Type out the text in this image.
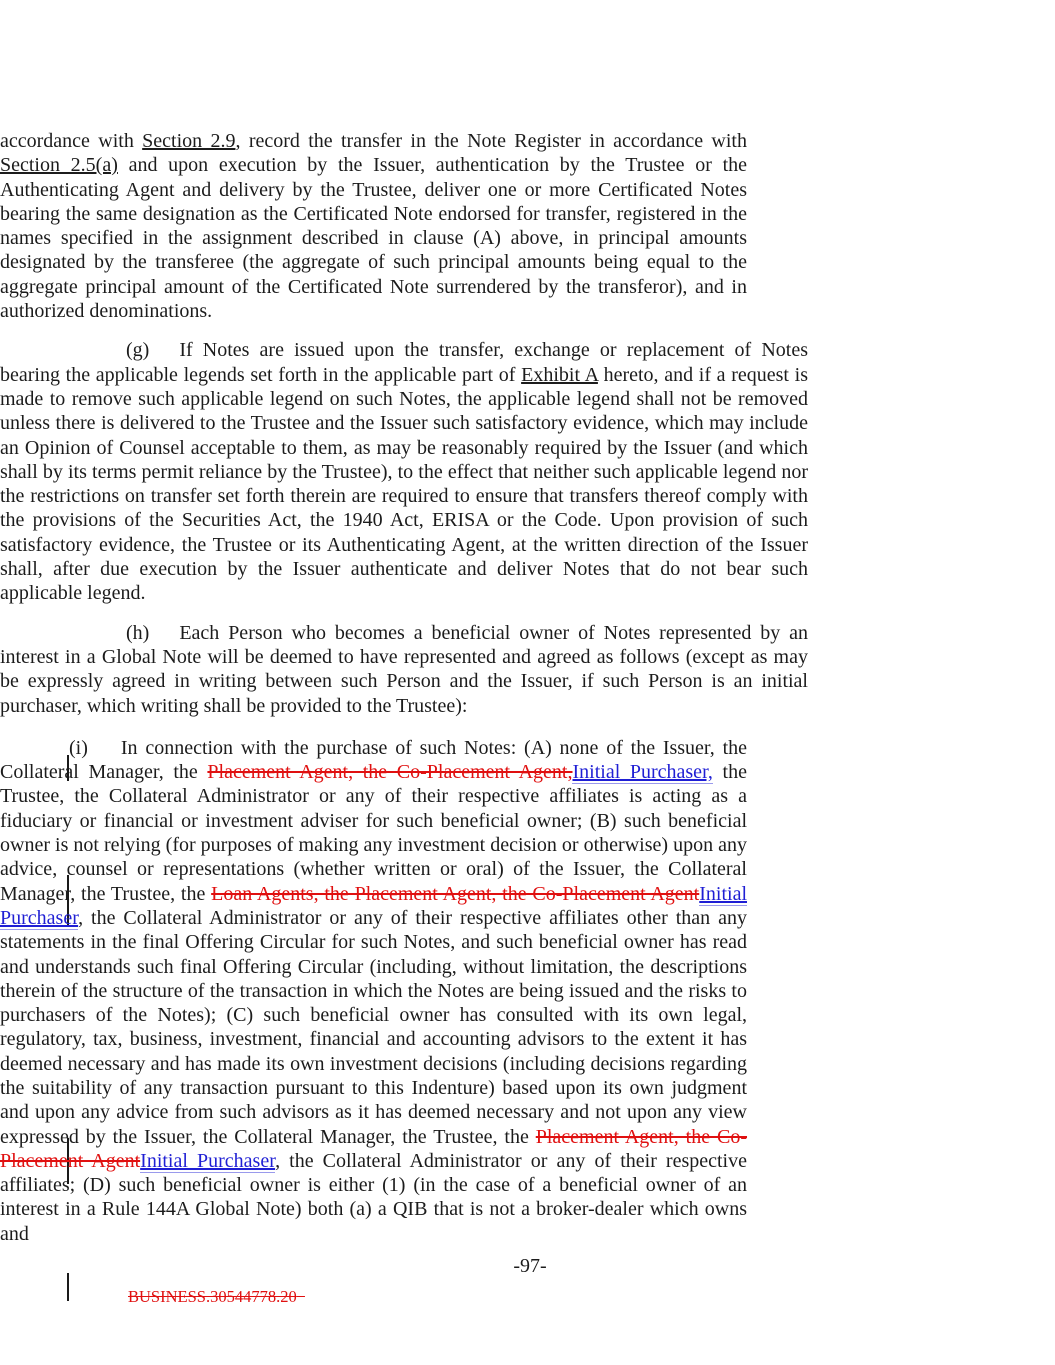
accordance with Section 2.9, record the transfer in the Note Register in accordance with Section 2.5(a) and upon execution by the Issuer, authentication by the Trustee or the Authenticating Agent and delivery by the Trustee, deliver one or more Certificated Notes bearing the same designation as the Certificated Note endorsed for transfer, registered in the names specified in the assignment described in clause (A) above, in principal amounts designated by the transferee (the aggregate of such principal amounts being equal to the aggregate principal amount of the Certificated Note surrendered by the transferor), and in authorized denominations.

(g) If Notes are issued upon the transfer, exchange or replacement of Notes bearing the applicable legends set forth in the applicable part of Exhibit A hereto, and if a request is made to remove such applicable legend on such Notes, the applicable legend shall not be removed unless there is delivered to the Trustee and the Issuer such satisfactory evidence, which may include an Opinion of Counsel acceptable to them, as may be reasonably required by the Issuer (and which shall by its terms permit reliance by the Trustee), to the effect that neither such applicable legend nor the restrictions on transfer set forth therein are required to ensure that transfers thereof comply with the provisions of the Securities Act, the 1940 Act, ERISA or the Code. Upon provision of such satisfactory evidence, the Trustee or its Authenticating Agent, at the written direction of the Issuer shall, after due execution by the Issuer authenticate and deliver Notes that do not bear such applicable legend.

(h) Each Person who becomes a beneficial owner of Notes represented by an interest in a Global Note will be deemed to have represented and agreed as follows (except as may be expressly agreed in writing between such Person and the Issuer, if such Person is an initial purchaser, which writing shall be provided to the Trustee):

(i) In connection with the purchase of such Notes: (A) none of the Issuer, the Collateral Manager, the Placement Agent, the Co-Placement Agent,Initial Purchaser, the Trustee, the Collateral Administrator or any of their respective affiliates is acting as a fiduciary or financial or investment adviser for such beneficial owner; (B) such beneficial owner is not relying (for purposes of making any investment decision or otherwise) upon any advice, counsel or representations (whether written or oral) of the Issuer, the Collateral Manager, the Trustee, the Loan Agents, the Placement Agent, the Co-Placement AgentInitial Purchaser, the Collateral Administrator or any of their respective affiliates other than any statements in the final Offering Circular for such Notes, and such beneficial owner has read and understands such final Offering Circular (including, without limitation, the descriptions therein of the structure of the transaction in which the Notes are being issued and the risks to purchasers of the Notes); (C) such beneficial owner has consulted with its own legal, regulatory, tax, business, investment, financial and accounting advisors to the extent it has deemed necessary and has made its own investment decisions (including decisions regarding the suitability of any transaction pursuant to this Indenture) based upon its own judgment and upon any advice from such advisors as it has deemed necessary and not upon any view expressed by the Issuer, the Collateral Manager, the Trustee, the Placement Agent, the Co-Placement AgentInitial Purchaser, the Collateral Administrator or any of their respective affiliates; (D) such beneficial owner is either (1) (in the case of a beneficial owner of an interest in a Rule 144A Global Note) both (a) a QIB that is not a broker-dealer which owns and

-97-
BUSINESS.30544778.20
